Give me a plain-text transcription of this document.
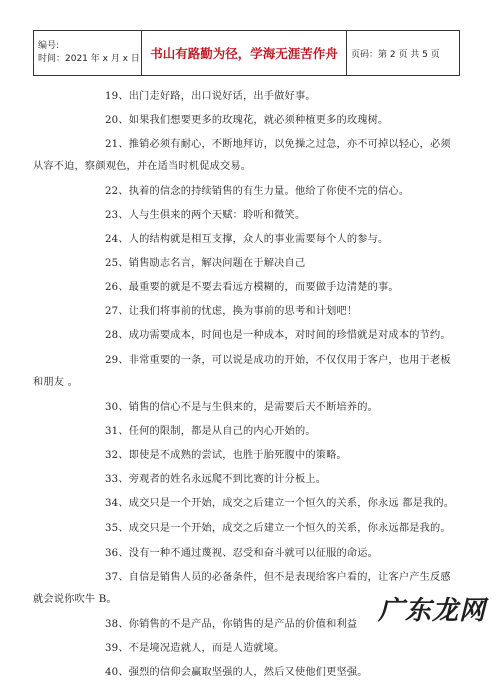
编号:
时间：2021 年 x 月 x 日 书山有路勤为径，学海无涯苦作舟	页码：第 2 页 共 5 页

19、出门走好路，出口说好话，出手做好事。

20、如果我们想要更多的玫瑰花，就必须种植更多的玫瑰树。

21、推销必须有耐心，不断地拜访，以免操之过急，亦不可掉以轻心，必须从容不迫，察颜观色，并在适当时机促成交易。

22、执着的信念的持续销售的有生力量。他给了你使不完的信心。

23、人与生俱来的两个天赋：聆听和微笑。

24、人的结构就是相互支撑，众人的事业需要每个人的参与。

25、销售励志名言，解决问题在于解决自己

26、最重要的就是不要去看远方模糊的，而要做手边清楚的事。

27、让我们将事前的忧虑，换为事前的思考和计划吧！

28、成功需要成本，时间也是一种成本，对时间的珍惜就是对成本的节约。

29、非常重要的一条，可以说是成功的开始，不仅仅用于客户，也用于老板和朋友 。

30、销售的信心不是与生俱来的，是需要后天不断培养的。

31、任何的限制，都是从自己的内心开始的。

32、即使是不成熟的尝试，也胜于胎死腹中的策略。

33、旁观者的姓名永远爬不到比赛的计分板上。

34、成交只是一个开始，成交之后建立一个恒久的关系，你永远 都是我的。

35、成交只是一个开始，成交之后建立一个恒久的关系，你永远都是我的。

36、没有一种不通过蔑视、忍受和奋斗就可以征服的命运。

37、自信是销售人员的必备条件，但不是表现给客户看的，让客户产生反感就会说你吹牛 B。

38、你销售的不是产品，你销售的是产品的价值和利益

39、不是境况造就人，而是人造就境。

40、强烈的信仰会赢取坚强的人，然后又使他们更坚强。

广东龙网
